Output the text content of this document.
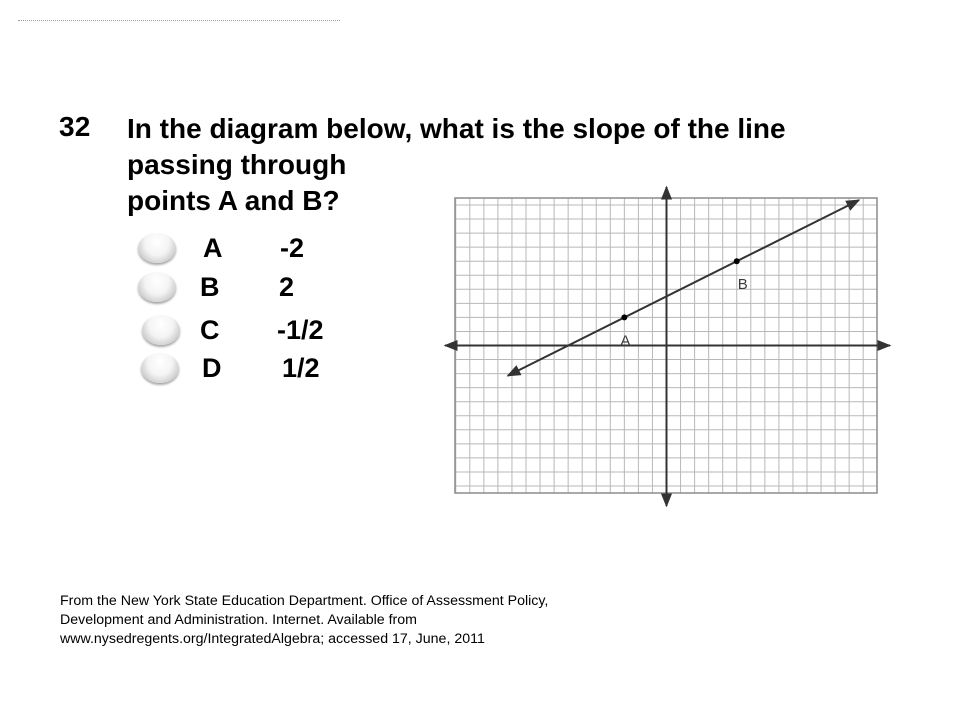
32 In the diagram below, what is the slope of the line
passing through
points A and B?
A -2
B 2
C -1/2
D 1/2
A
B
From the New York State Education Department. Office of Assessment Policy,
Development and Administration. Internet. Available from
www.nysedregents.org/IntegratedAlgebra; accessed 17, June, 2011
